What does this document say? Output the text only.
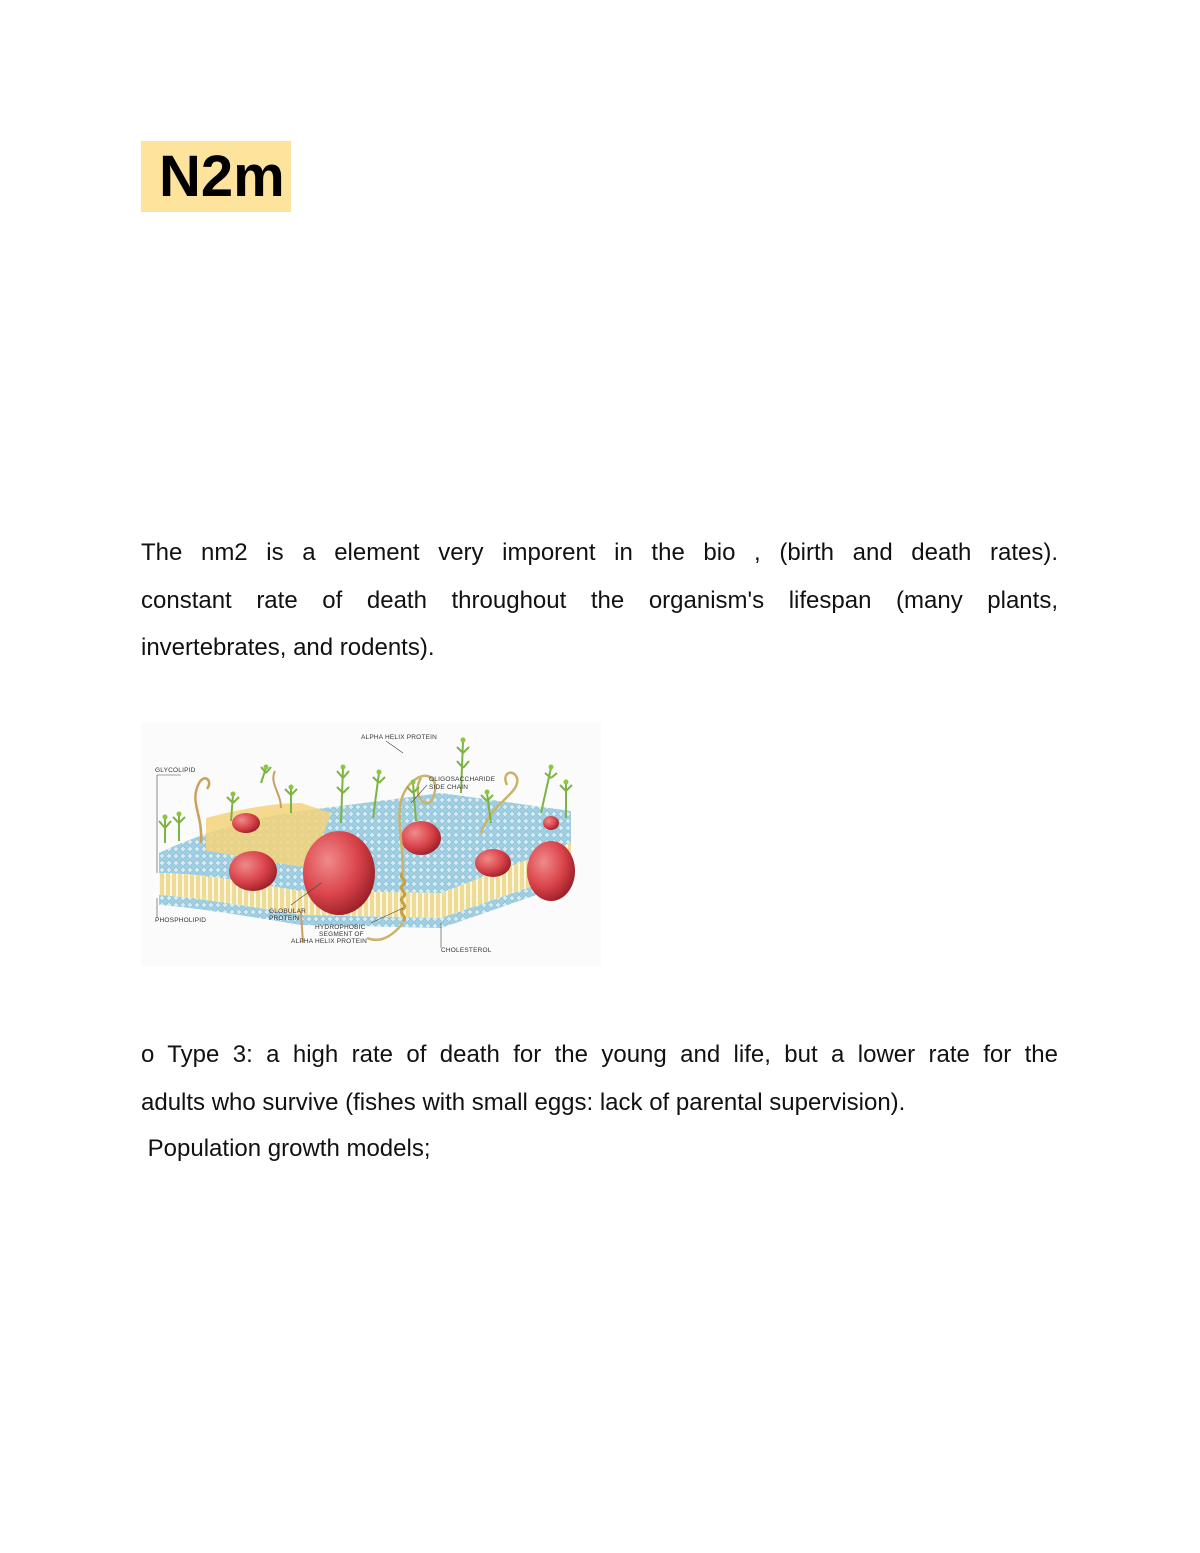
N2m
The nm2 is a element very imporent in the bio , (birth and death rates).
constant rate of death throughout the organism's lifespan (many plants,
invertebrates, and rodents).
ALPHA HELIX PROTEIN
GLYCOLIPID
OLIGOSACCHARIDE
SIDE CHAIN
PHOSPHOLIPID
GLOBULAR
PROTEIN
HYDROPHOBIC
SEGMENT OF
ALPHA HELIX PROTEIN
CHOLESTEROL
o Type 3: a high rate of death for the young and life, but a lower rate for the
adults who survive (fishes with small eggs: lack of parental supervision).
Population growth models;
